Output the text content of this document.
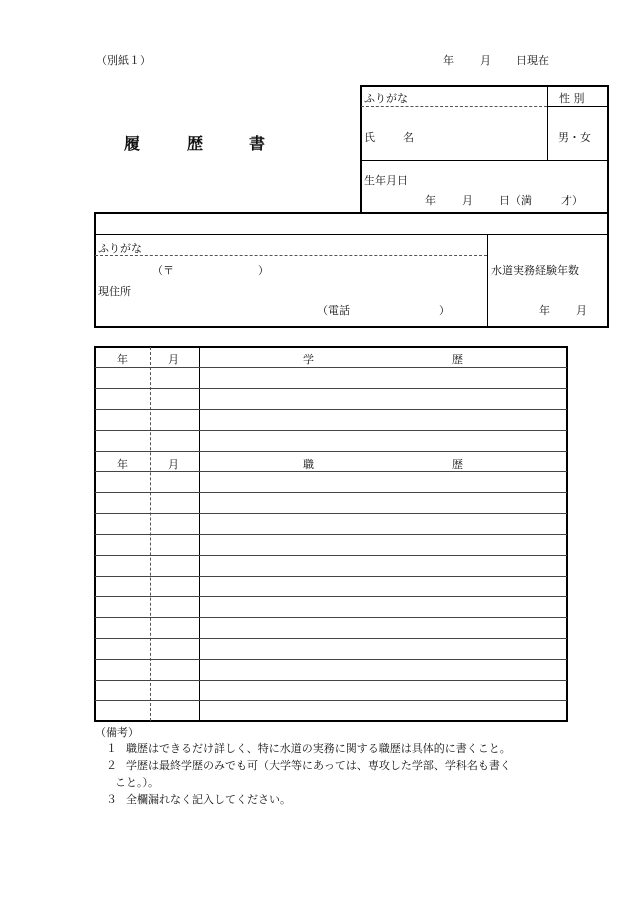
（別紙１）	年 月 日現在
履	歴	書
ふりがな	性 別
氏	名	男・女
生年月日
年 月 日（満	才）
ふりがな
（〒	）
現住所
（電話	）
水道実務経験年数
年 月
年	月	学	歴
年	月	職	歴
（備考）
１ 職歴はできるだけ詳しく、特に水道の実務に関する職歴は具体的に書くこと。
２ 学歴は最終学歴のみでも可（大学等にあっては、専攻した学部、学科名も書く
こと。）。
３ 全欄漏れなく記入してください。
